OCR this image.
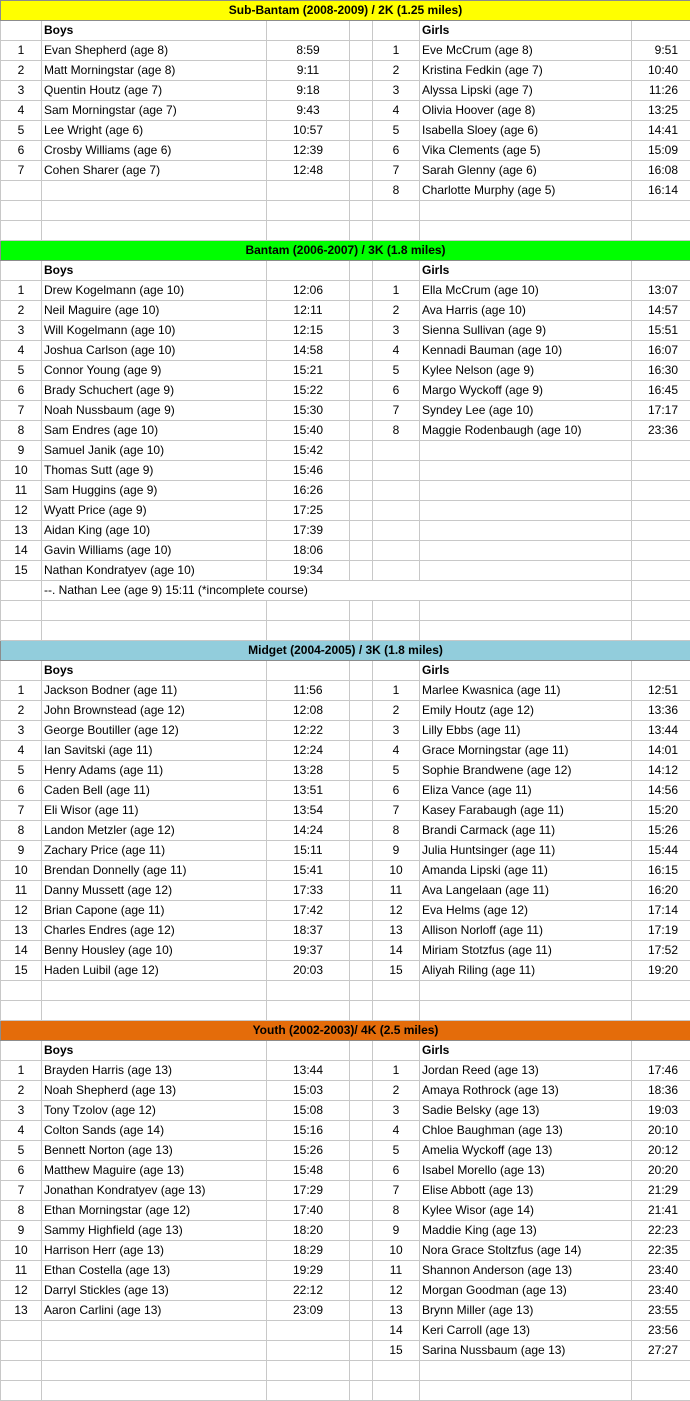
Sub-Bantam (2008-2009) / 2K (1.25 miles)						
	Boys				Girls	
1	Evan Shepherd (age 8)	8:59		1	Eve McCrum (age 8)	9:51
2	Matt Morningstar (age 8)	9:11		2	Kristina Fedkin (age 7)	10:40
3	Quentin Houtz (age 7)	9:18		3	Alyssa Lipski (age 7)	11:26
4	Sam Morningstar (age 7)	9:43		4	Olivia Hoover (age 8)	13:25
5	Lee Wright (age 6)	10:57		5	Isabella Sloey (age 6)	14:41
6	Crosby Williams (age 6)	12:39		6	Vika Clements (age 5)	15:09
7	Cohen Sharer (age 7)	12:48		7	Sarah Glenny (age 6)	16:08
				8	Charlotte Murphy (age 5)	16:14

Bantam (2006-2007) / 3K (1.8 miles)						
	Boys				Girls	
1	Drew Kogelmann (age 10)	12:06		1	Ella McCrum (age 10)	13:07
2	Neil Maguire (age 10)	12:11		2	Ava Harris (age 10)	14:57
3	Will Kogelmann (age 10)	12:15		3	Sienna Sullivan (age 9)	15:51
4	Joshua Carlson (age 10)	14:58		4	Kennadi Bauman (age 10)	16:07
5	Connor Young (age 9)	15:21		5	Kylee Nelson (age 9)	16:30
6	Brady Schuchert (age 9)	15:22		6	Margo Wyckoff (age 9)	16:45
7	Noah Nussbaum (age 9)	15:30		7	Syndey Lee (age 10)	17:17
8	Sam Endres (age 10)	15:40		8	Maggie Rodenbaugh (age 10)	23:36
9	Samuel Janik (age 10)	15:42				
10	Thomas Sutt (age 9)	15:46				
11	Sam Huggins (age 9)	16:26				
12	Wyatt Price (age 9)	17:25				
13	Aidan King (age 10)	17:39				
14	Gavin Williams (age 10)	18:06				
15	Nathan Kondratyev (age 10)	19:34				
	--. Nathan Lee (age 9) 15:11 (*incomplete course)					

Midget (2004-2005) / 3K (1.8 miles)						
	Boys				Girls	
1	Jackson Bodner (age 11)	11:56		1	Marlee Kwasnica (age 11)	12:51
2	John Brownstead (age 12)	12:08		2	Emily Houtz (age 12)	13:36
3	George Boutiller (age 12)	12:22		3	Lilly Ebbs (age 11)	13:44
4	Ian Savitski (age 11)	12:24		4	Grace Morningstar (age 11)	14:01
5	Henry Adams (age 11)	13:28		5	Sophie Brandwene (age 12)	14:12
6	Caden Bell (age 11)	13:51		6	Eliza Vance (age 11)	14:56
7	Eli Wisor (age 11)	13:54		7	Kasey Farabaugh (age 11)	15:20
8	Landon Metzler (age 12)	14:24		8	Brandi Carmack (age 11)	15:26
9	Zachary Price (age 11)	15:11		9	Julia Huntsinger (age 11)	15:44
10	Brendan Donnelly (age 11)	15:41		10	Amanda Lipski (age 11)	16:15
11	Danny Mussett (age 12)	17:33		11	Ava Langelaan (age 11)	16:20
12	Brian Capone (age 11)	17:42		12	Eva Helms (age 12)	17:14
13	Charles Endres (age 12)	18:37		13	Allison Norloff (age 11)	17:19
14	Benny Housley (age 10)	19:37		14	Miriam Stotzfus (age 11)	17:52
15	Haden Luibil (age 12)	20:03		15	Aliyah Riling (age 11)	19:20

Youth (2002-2003)/ 4K (2.5 miles)						
	Boys				Girls	
1	Brayden Harris (age 13)	13:44		1	Jordan Reed (age 13)	17:46
2	Noah Shepherd (age 13)	15:03		2	Amaya Rothrock (age 13)	18:36
3	Tony Tzolov (age 12)	15:08		3	Sadie Belsky (age 13)	19:03
4	Colton Sands (age 14)	15:16		4	Chloe Baughman (age 13)	20:10
5	Bennett Norton (age 13)	15:26		5	Amelia Wyckoff (age 13)	20:12
6	Matthew Maguire (age 13)	15:48		6	Isabel Morello (age 13)	20:20
7	Jonathan Kondratyev (age 13)	17:29		7	Elise Abbott (age 13)	21:29
8	Ethan Morningstar (age 12)	17:40		8	Kylee Wisor (age 14)	21:41
9	Sammy Highfield (age 13)	18:20		9	Maddie King (age 13)	22:23
10	Harrison Herr (age 13)	18:29		10	Nora Grace Stoltzfus (age 14)	22:35
11	Ethan Costella (age 13)	19:29		11	Shannon Anderson (age 13)	23:40
12	Darryl Stickles (age 13)	22:12		12	Morgan Goodman (age 13)	23:40
13	Aaron Carlini (age 13)	23:09		13	Brynn Miller (age 13)	23:55
				14	Keri Carroll (age 13)	23:56
				15	Sarina Nussbaum (age 13)	27:27
